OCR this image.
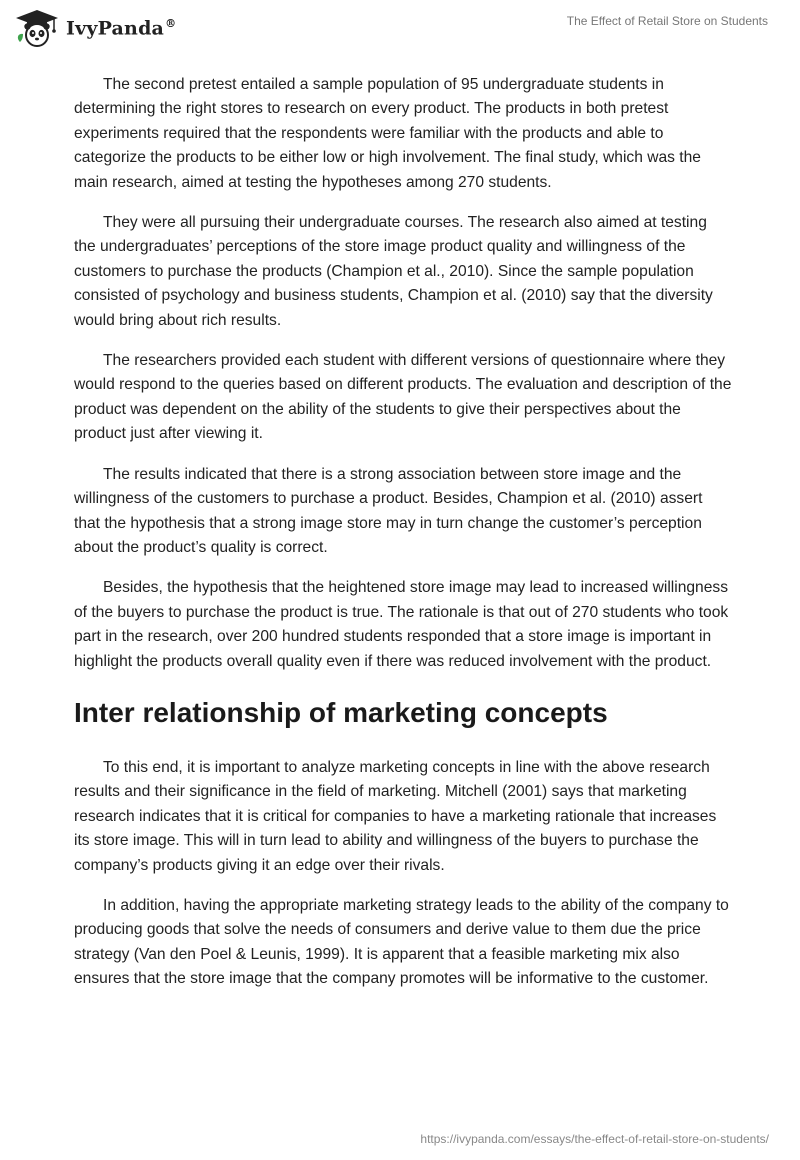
IvyPanda®	The Effect of Retail Store on Students

The second pretest entailed a sample population of 95 undergraduate students in determining the right stores to research on every product. The products in both pretest experiments required that the respondents were familiar with the products and able to categorize the products to be either low or high involvement. The final study, which was the main research, aimed at testing the hypotheses among 270 students.

They were all pursuing their undergraduate courses. The research also aimed at testing the undergraduates’ perceptions of the store image product quality and willingness of the customers to purchase the products (Champion et al., 2010). Since the sample population consisted of psychology and business students, Champion et al. (2010) say that the diversity would bring about rich results.

The researchers provided each student with different versions of questionnaire where they would respond to the queries based on different products. The evaluation and description of the product was dependent on the ability of the students to give their perspectives about the product just after viewing it.

The results indicated that there is a strong association between store image and the willingness of the customers to purchase a product. Besides, Champion et al. (2010) assert that the hypothesis that a strong image store may in turn change the customer’s perception about the product’s quality is correct.

Besides, the hypothesis that the heightened store image may lead to increased willingness of the buyers to purchase the product is true. The rationale is that out of 270 students who took part in the research, over 200 hundred students responded that a store image is important in highlight the products overall quality even if there was reduced involvement with the product.

Inter relationship of marketing concepts

To this end, it is important to analyze marketing concepts in line with the above research results and their significance in the field of marketing. Mitchell (2001) says that marketing research indicates that it is critical for companies to have a marketing rationale that increases its store image. This will in turn lead to ability and willingness of the buyers to purchase the company’s products giving it an edge over their rivals.

In addition, having the appropriate marketing strategy leads to the ability of the company to producing goods that solve the needs of consumers and derive value to them due the price strategy (Van den Poel & Leunis, 1999). It is apparent that a feasible marketing mix also ensures that the store image that the company promotes will be informative to the customer.

https://ivypanda.com/essays/the-effect-of-retail-store-on-students/
